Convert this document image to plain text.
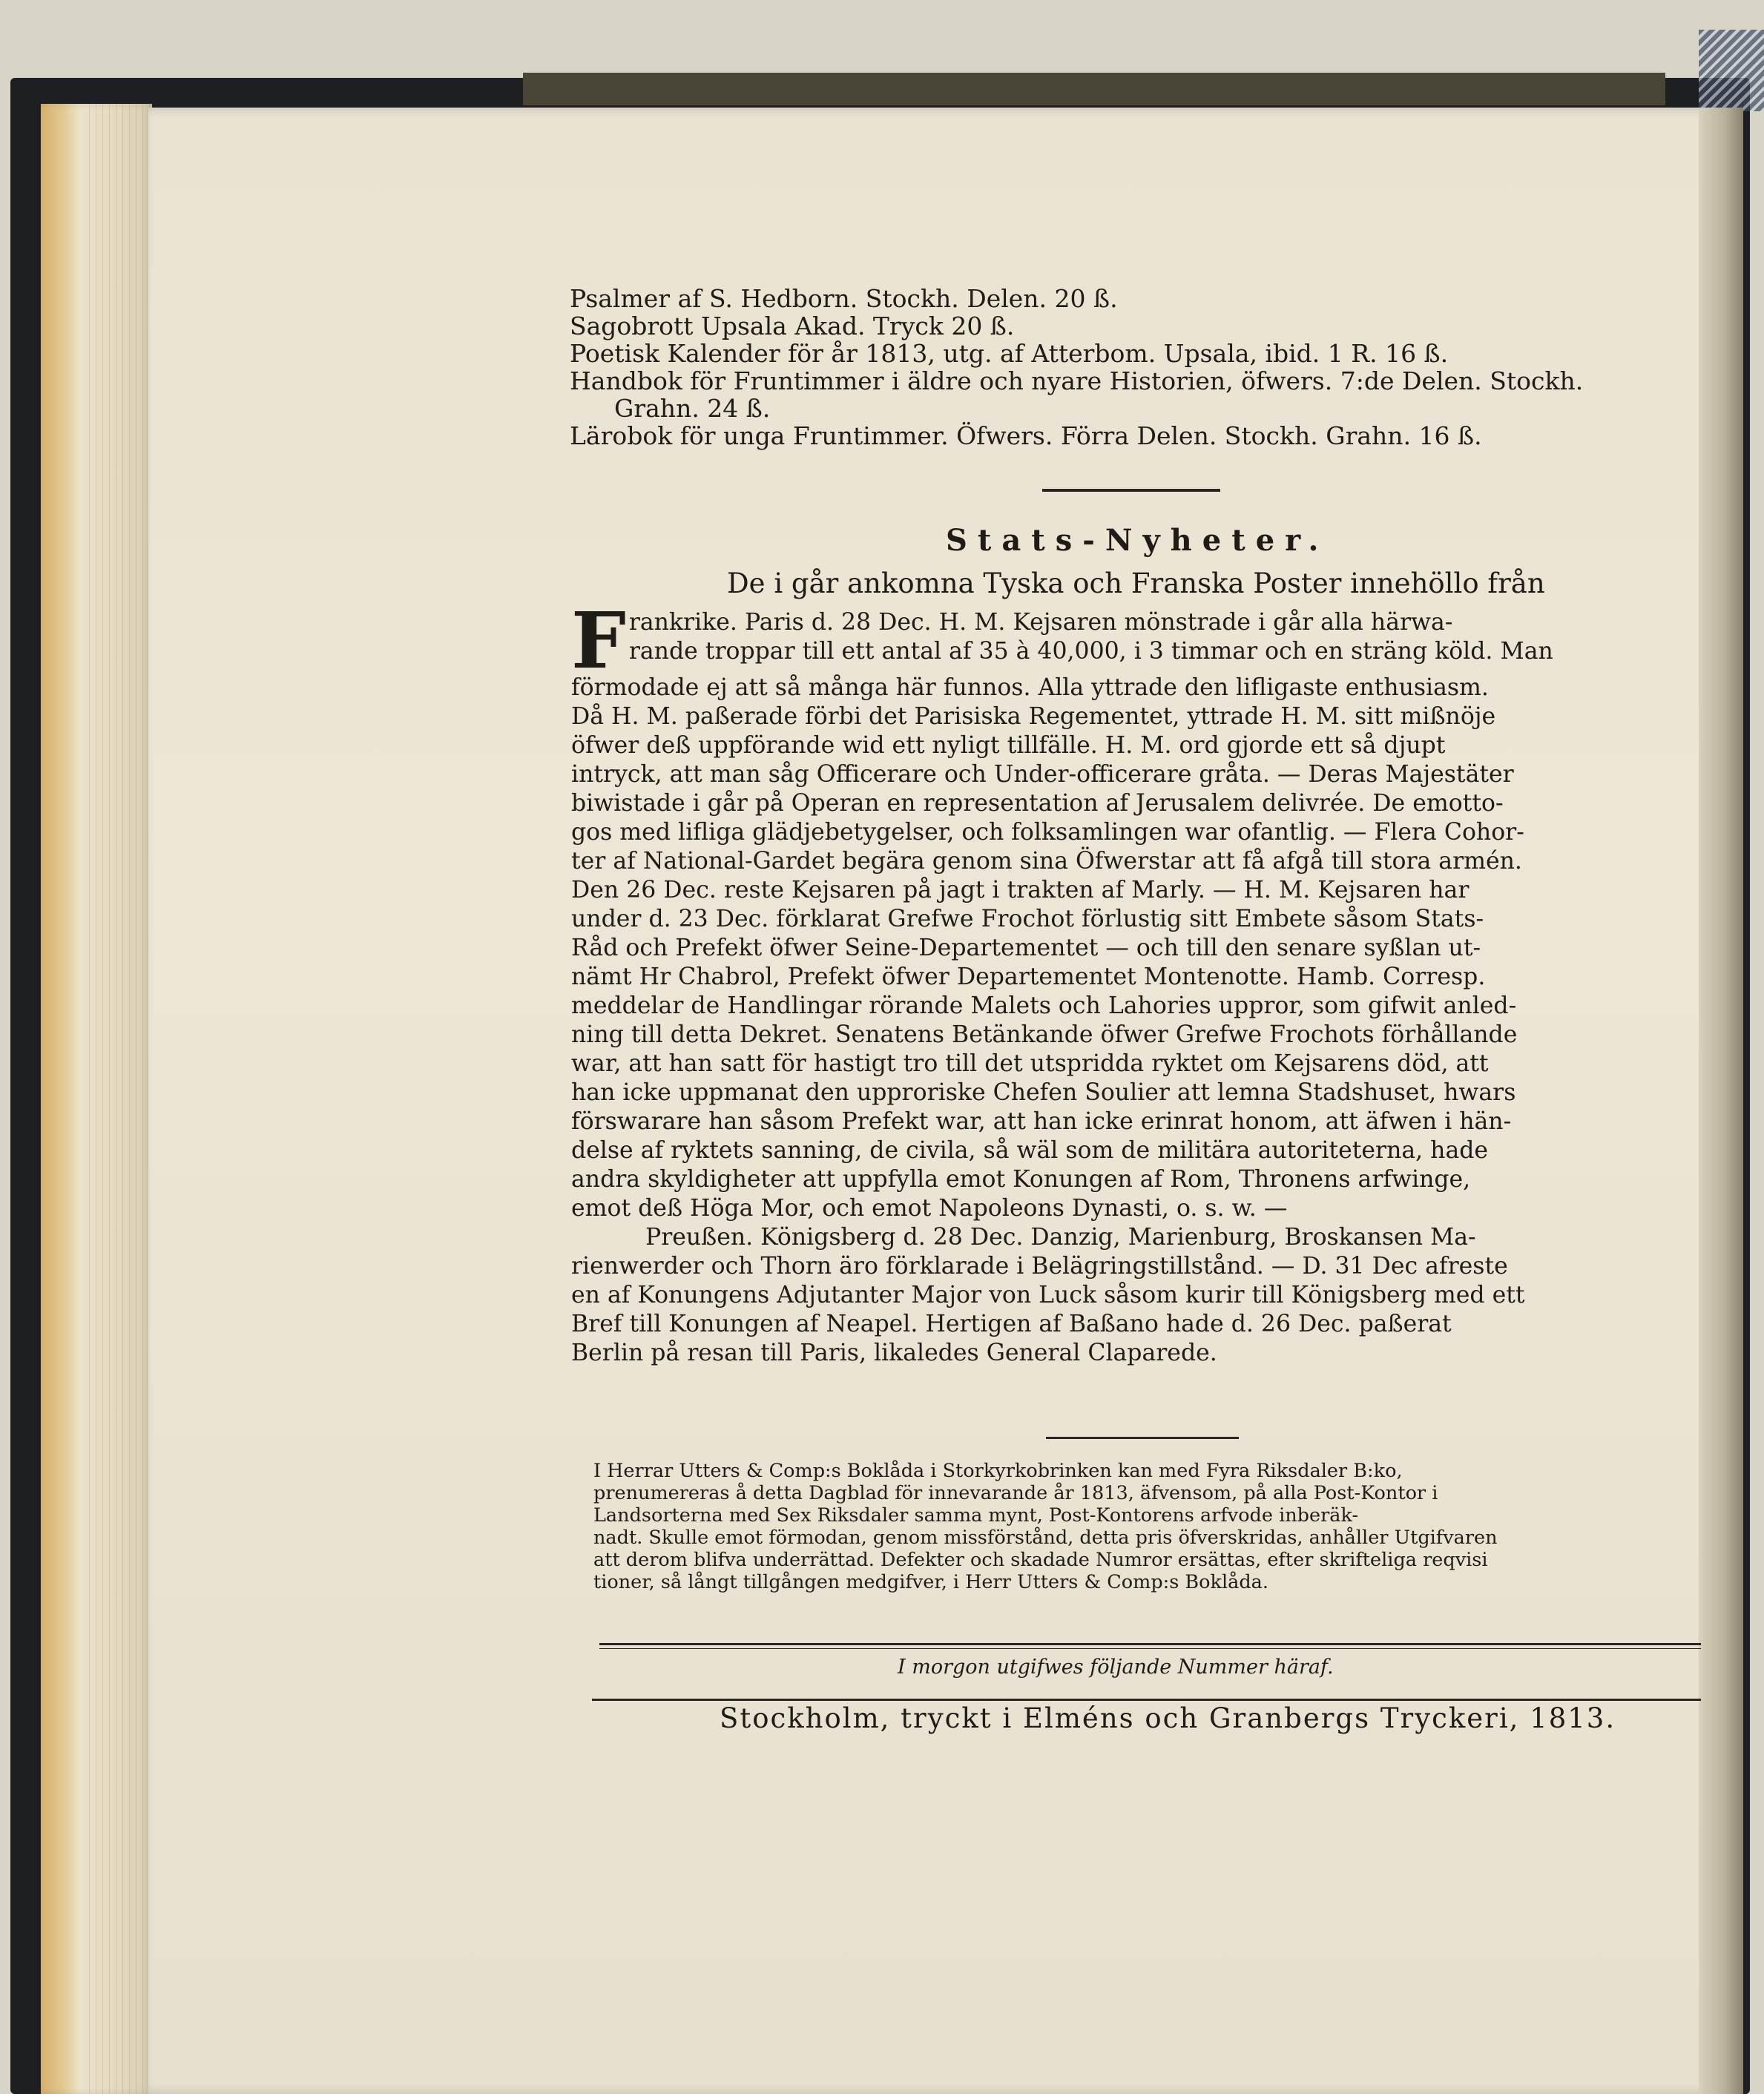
Psalmer af S. Hedborn. Stockh. Delen. 20 ß.
Sagobrott Upsala Akad. Tryck 20 ß.
Poetisk Kalender för år 1813, utg. af Atterbom. Upsala, ibid. 1 R. 16 ß.
Handbok för Fruntimmer i äldre och nyare Historien, öfwers. 7:de Delen. Stockh.
Grahn. 24 ß.
Lärobok för unga Fruntimmer. Öfwers. Förra Delen. Stockh. Grahn. 16 ß.
Stats-Nyheter.
De i går ankomna Tyska och Franska Poster innehöllo från
F rankrike. Paris d. 28 Dec. H. M. Kejsaren mönstrade i går alla härwa-
rande troppar till ett antal af 35 à 40,000, i 3 timmar och en sträng köld. Man
förmodade ej att så många här funnos. Alla yttrade den lifligaste enthusiasm.
Då H. M. paßerade förbi det Parisiska Regementet, yttrade H. M. sitt mißnöje
öfwer deß uppförande wid ett nyligt tillfälle. H. M. ord gjorde ett så djupt
intryck, att man såg Officerare och Under-officerare gråta. — Deras Majestäter
biwistade i går på Operan en representation af Jerusalem delivrée. De emotto-
gos med lifliga glädjebetygelser, och folksamlingen war ofantlig. — Flera Cohor-
ter af National-Gardet begära genom sina Öfwerstar att få afgå till stora armén.
Den 26 Dec. reste Kejsaren på jagt i trakten af Marly. — H. M. Kejsaren har
under d. 23 Dec. förklarat Grefwe Frochot förlustig sitt Embete såsom Stats-
Råd och Prefekt öfwer Seine-Departementet — och till den senare syßlan ut-
nämt Hr Chabrol, Prefekt öfwer Departementet Montenotte. Hamb. Corresp.
meddelar de Handlingar rörande Malets och Lahories uppror, som gifwit anled-
ning till detta Dekret. Senatens Betänkande öfwer Grefwe Frochots förhållande
war, att han satt för hastigt tro till det utspridda ryktet om Kejsarens död, att
han icke uppmanat den upproriske Chefen Soulier att lemna Stadshuset, hwars
förswarare han såsom Prefekt war, att han icke erinrat honom, att äfwen i hän-
delse af ryktets sanning, de civila, så wäl som de militära autoriteterna, hade
andra skyldigheter att uppfylla emot Konungen af Rom, Thronens arfwinge,
emot deß Höga Mor, och emot Napoleons Dynasti, o. s. w. —
Preußen. Königsberg d. 28 Dec. Danzig, Marienburg, Broskansen Ma-
rienwerder och Thorn äro förklarade i Belägringstillstånd. — D. 31 Dec afreste
en af Konungens Adjutanter Major von Luck såsom kurir till Königsberg med ett
Bref till Konungen af Neapel. Hertigen af Baßano hade d. 26 Dec. paßerat
Berlin på resan till Paris, likaledes General Claparede.
I Herrar Utters & Comp:s Boklåda i Storkyrkobrinken kan med Fyra Riksdaler B:ko,
prenumereras å detta Dagblad för innevarande år 1813, äfvensom, på alla Post-Kontor i
Landsorterna med Sex Riksdaler samma mynt, Post-Kontorens arfvode inberäk-
nadt. Skulle emot förmodan, genom missförstånd, detta pris öfverskridas, anhåller Utgifvaren
att derom blifva underrättad. Defekter och skadade Numror ersättas, efter skrifteliga reqvisi
tioner, så långt tillgången medgifver, i Herr Utters & Comp:s Boklåda.
I morgon utgifwes följande Nummer häraf.
Stockholm, tryckt i Elméns och Granbergs Tryckeri, 1813.
